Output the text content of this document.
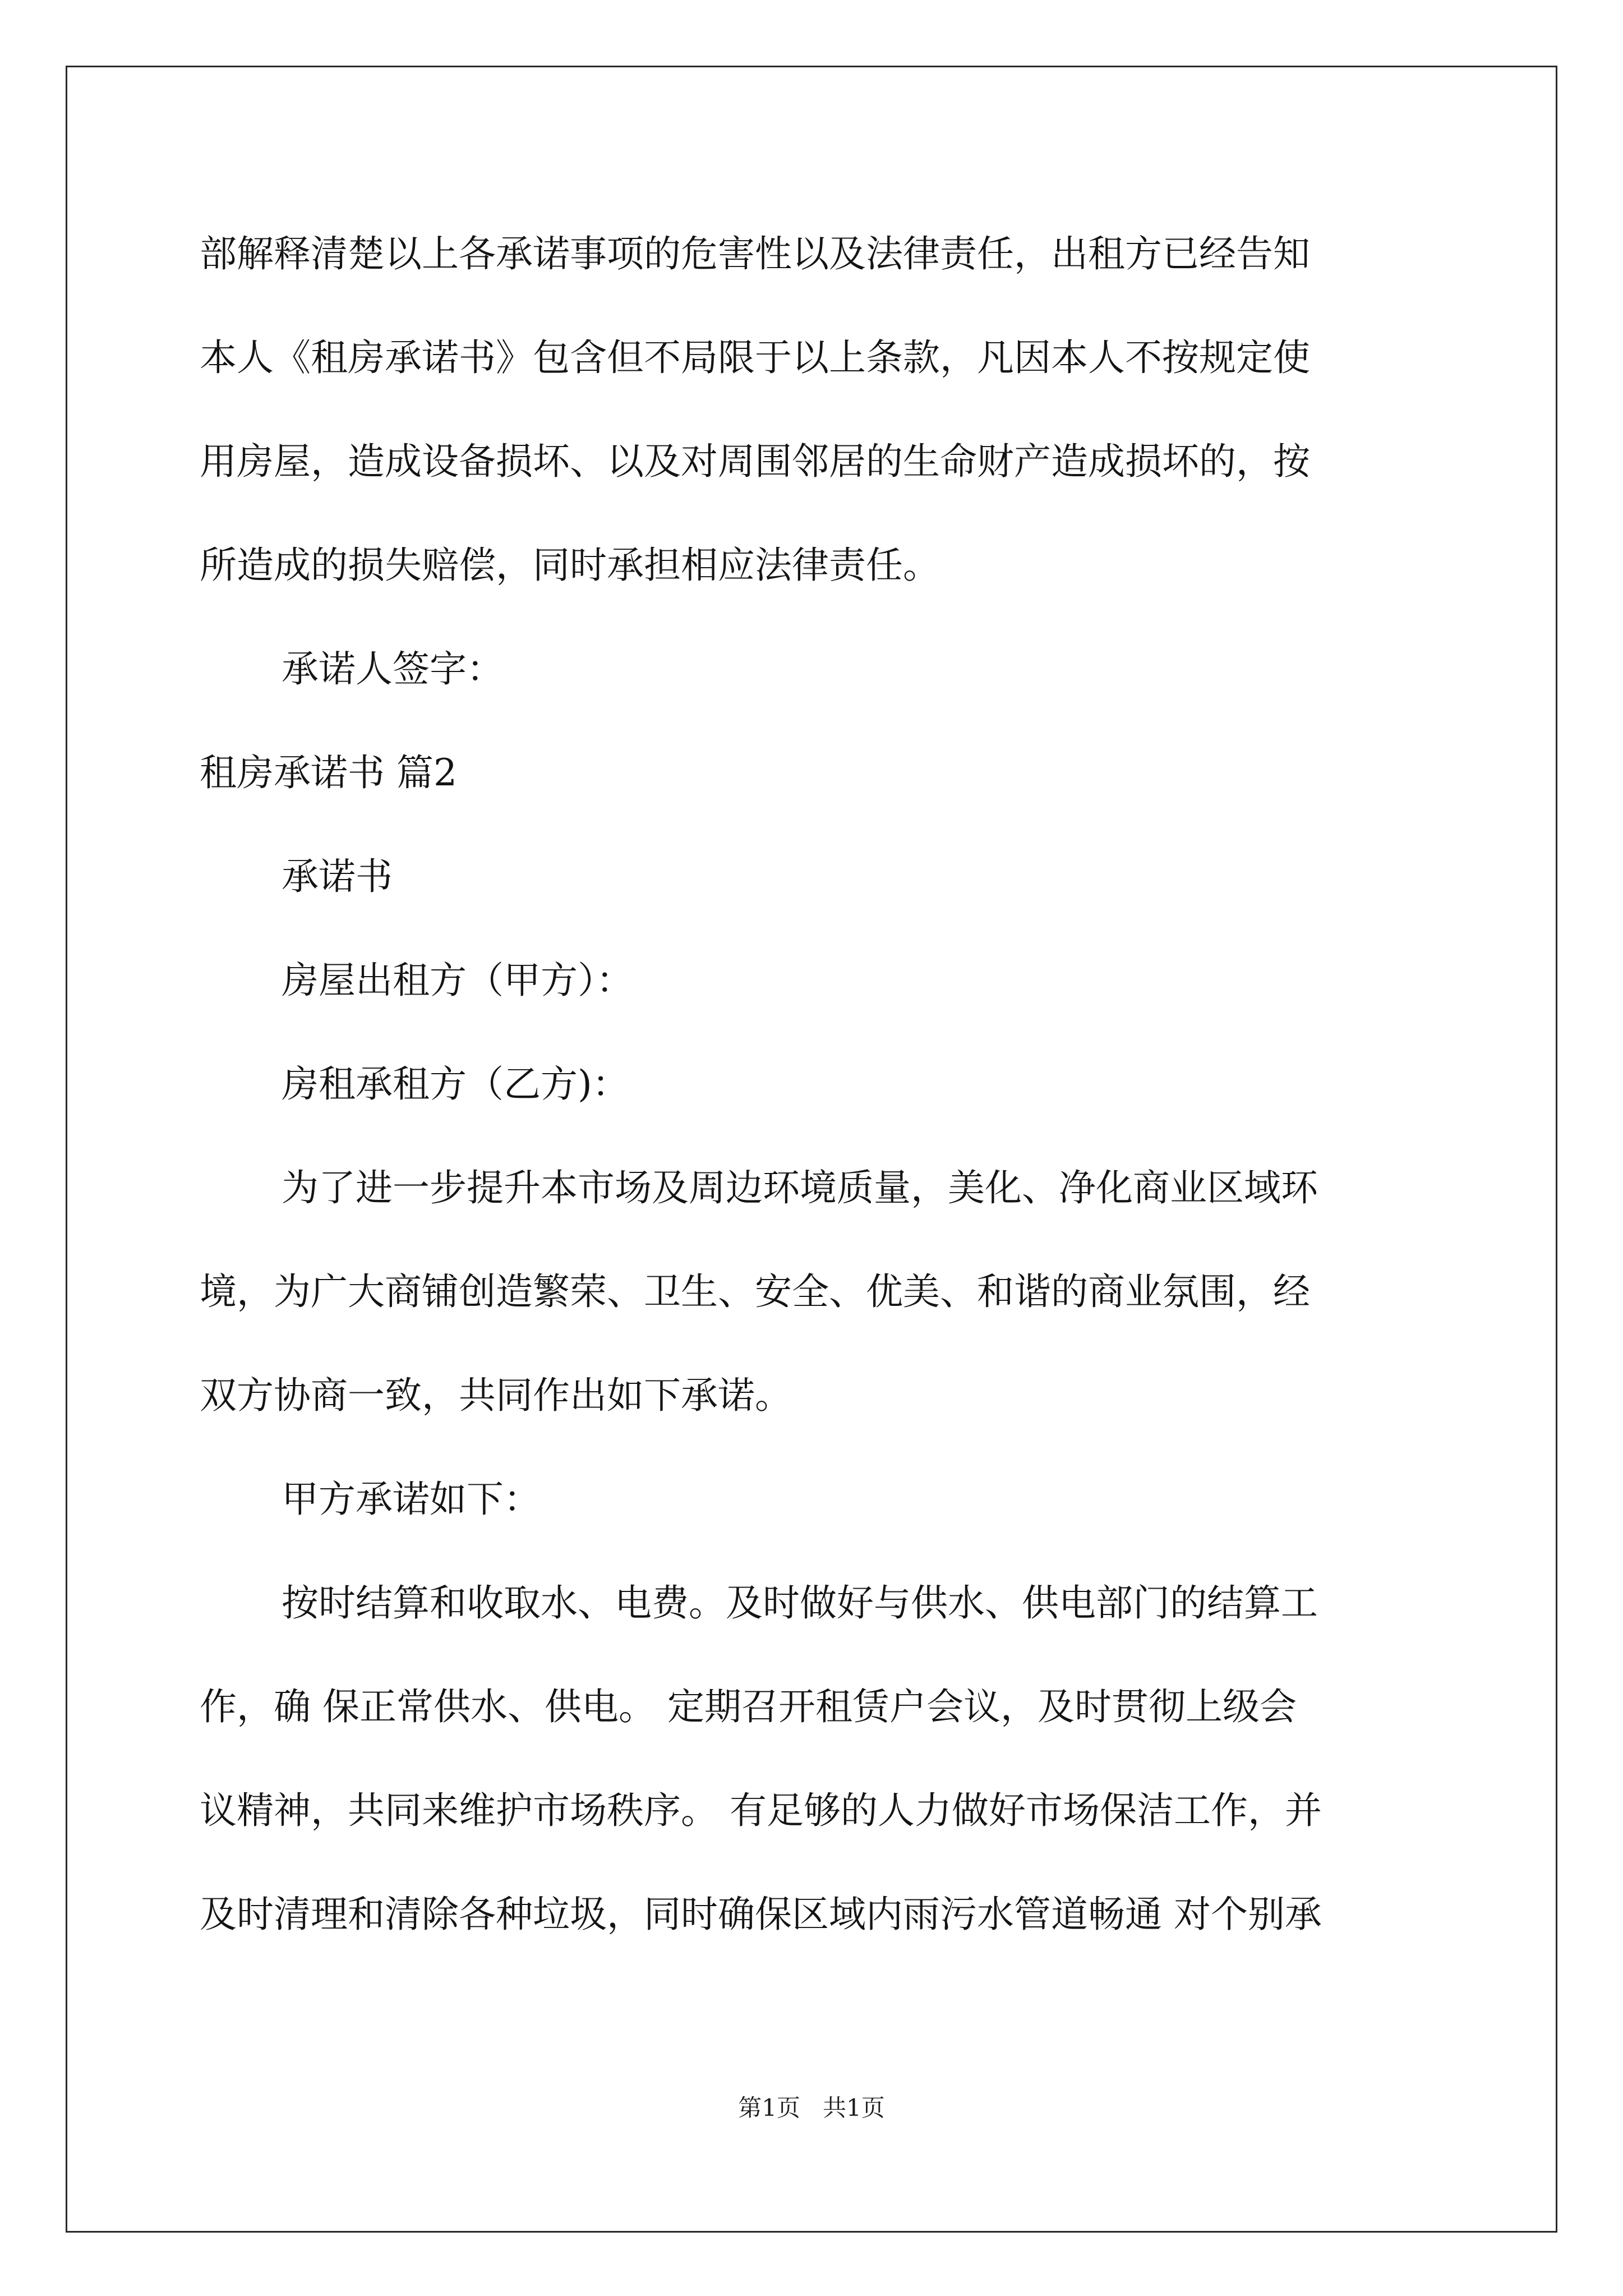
部解释清楚以上各承诺事项的危害性以及法律责任，出租方已经告知
本人《租房承诺书》包含但不局限于以上条款，凡因本人不按规定使
用房屋，造成设备损坏、以及对周围邻居的生命财产造成损坏的，按
所造成的损失赔偿，同时承担相应法律责任。
承诺人签字：
租房承诺书 篇2
承诺书
房屋出租方（甲方）：
房租承租方（乙方)：
为了进一步提升本市场及周边环境质量，美化、净化商业区域环
境，为广大商铺创造繁荣、卫生、安全、优美、和谐的商业氛围，经
双方协商一致，共同作出如下承诺。
甲方承诺如下：
按时结算和收取水、电费。及时做好与供水、供电部门的结算工
作，确 保正常供水、供电。 定期召开租赁户会议，及时贯彻上级会
议精神，共同来维护市场秩序。 有足够的人力做好市场保洁工作，并
及时清理和清除各种垃圾，同时确保区域内雨污水管道畅通 对个别承
第1页   共1页
